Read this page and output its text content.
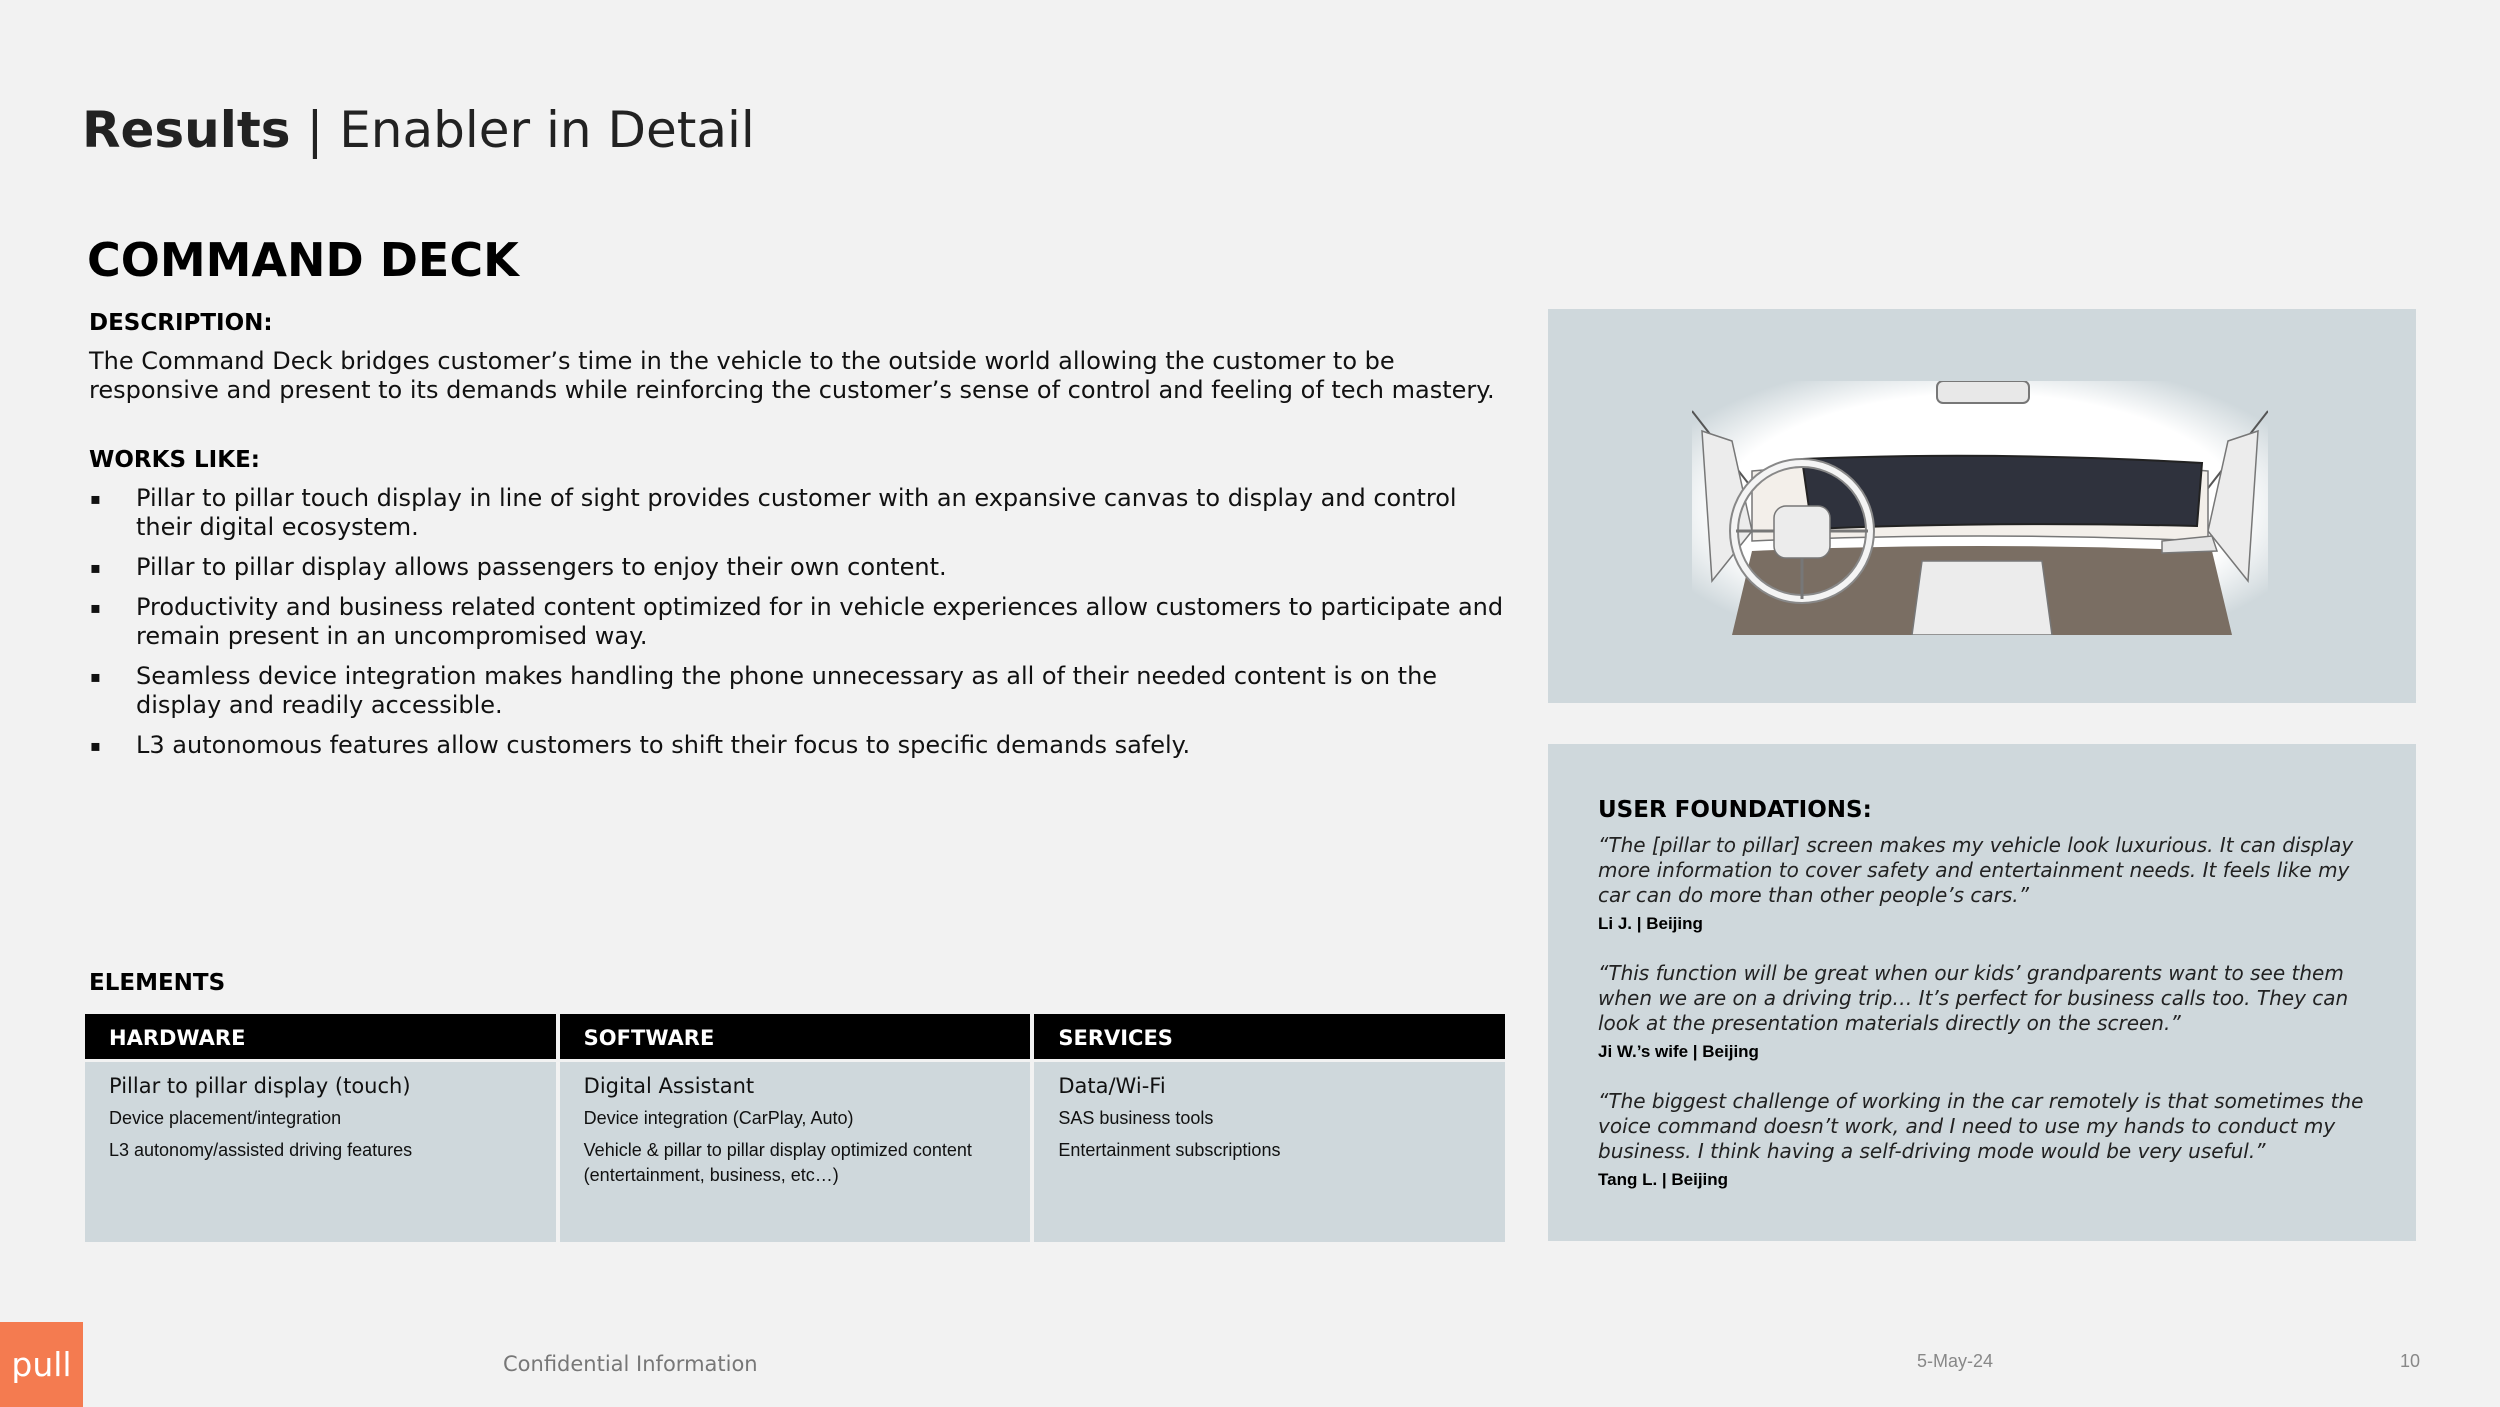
Results | Enabler in Detail
COMMAND DECK
DESCRIPTION:
The Command Deck bridges customer’s time in the vehicle to the outside world allowing the customer to be responsive and present to its demands while reinforcing the customer’s sense of control and feeling of tech mastery.
WORKS LIKE:
▪ Pillar to pillar touch display in line of sight provides customer with an expansive canvas to display and control their digital ecosystem.
▪ Pillar to pillar display allows passengers to enjoy their own content.
▪ Productivity and business related content optimized for in vehicle experiences allow customers to participate and remain present in an uncompromised way.
▪ Seamless device integration makes handling the phone unnecessary as all of their needed content is on the display and readily accessible.
▪ L3 autonomous features allow customers to shift their focus to specific demands safely.
ELEMENTS
HARDWARE
Pillar to pillar display (touch)
Device placement/integration
L3 autonomy/assisted driving features
SOFTWARE
Digital Assistant
Device integration (CarPlay, Auto)
Vehicle & pillar to pillar display optimized content (entertainment, business, etc…)
SERVICES
Data/Wi-Fi
SAS business tools
Entertainment subscriptions
USER FOUNDATIONS:
“The [pillar to pillar] screen makes my vehicle look luxurious. It can display more information to cover safety and entertainment needs. It feels like my car can do more than other people’s cars.”
Li J. | Beijing
“This function will be great when our kids’ grandparents want to see them when we are on a driving trip… It’s perfect for business calls too. They can look at the presentation materials directly on the screen.”
Ji W.’s wife | Beijing
“The biggest challenge of working in the car remotely is that sometimes the voice command doesn’t work, and I need to use my hands to conduct my business. I think having a self-driving mode would be very useful.”
Tang L. | Beijing
pull	Confidential Information	5-May-24	10
